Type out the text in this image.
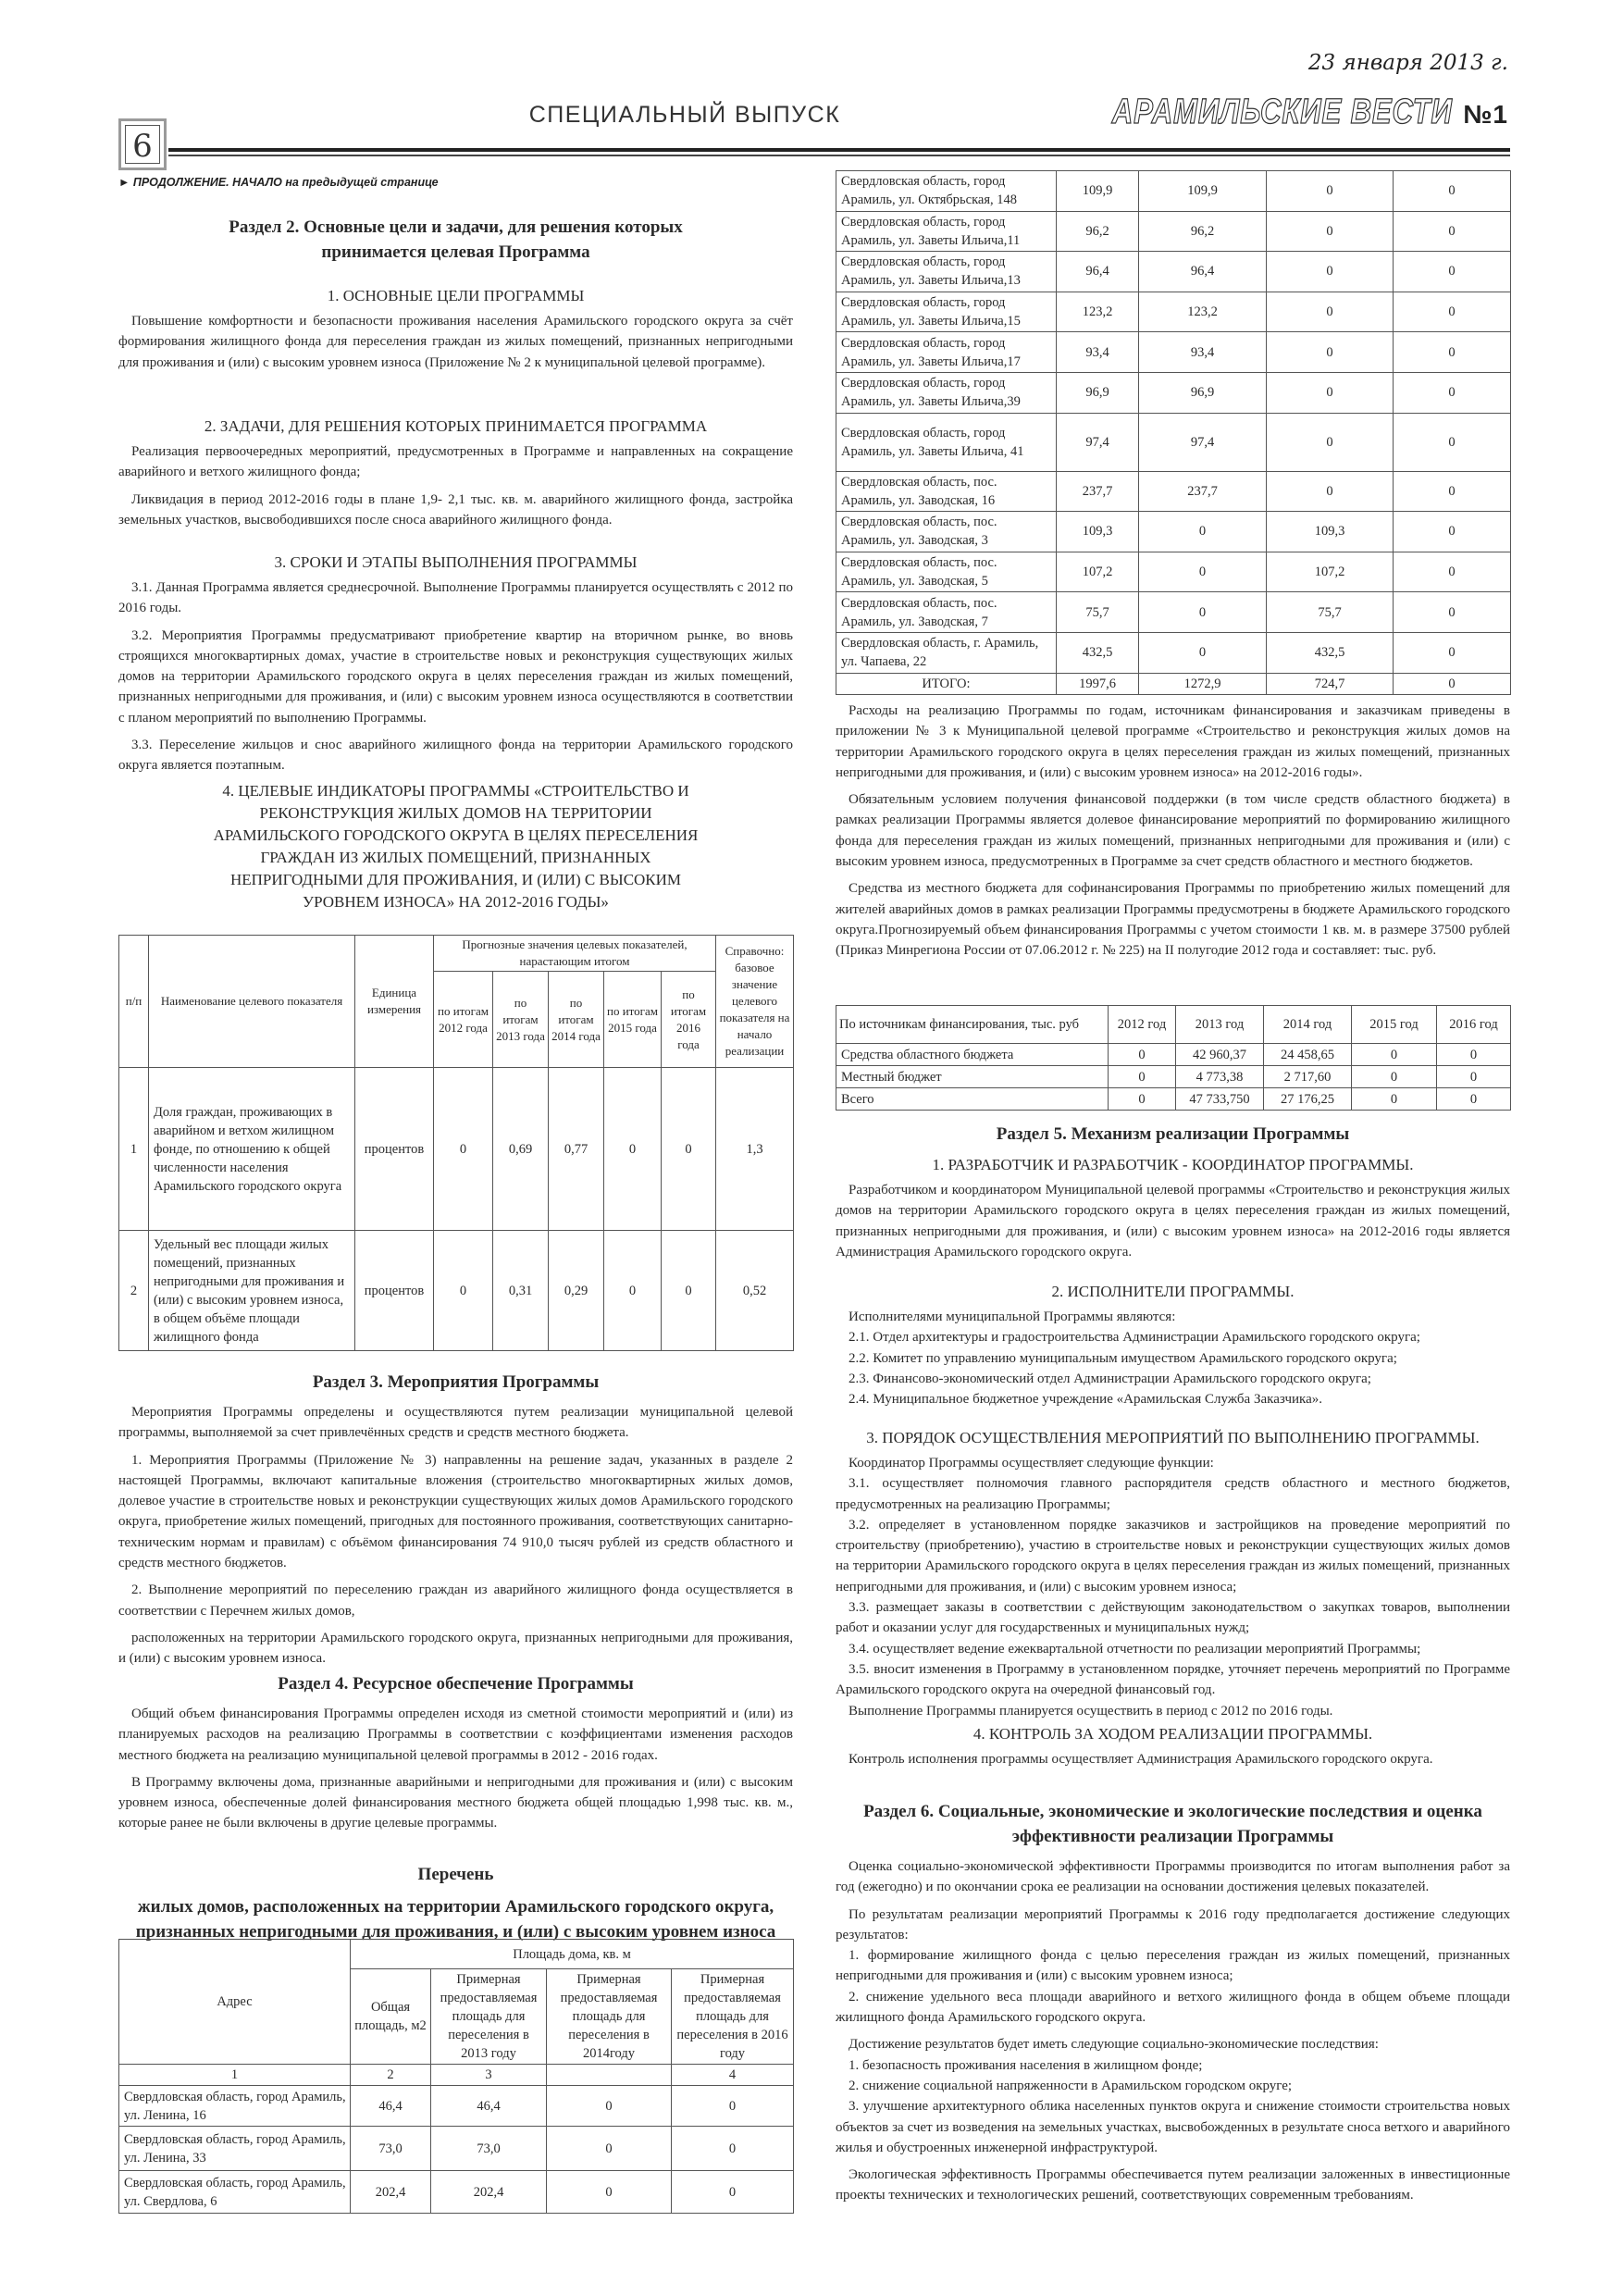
6
СПЕЦИАЛЬНЫЙ ВЫПУСК
23 января 2013 г.
АРАМИЛЬСКИЕ ВЕСТИ №1
► ПРОДОЛЖЕНИЕ. НАЧАЛО на предыдущей странице
Раздел 2. Основные цели и задачи, для решения которых принимается целевая Программа
1. ОСНОВНЫЕ ЦЕЛИ ПРОГРАММЫ
Повышение комфортности и безопасности проживания населения Арамильского городского округа за счёт формирования жилищного фонда для переселения граждан из жилых помещений, признанных непригодными для проживания и (или) с высоким уровнем износа (Приложение № 2 к муниципальной целевой программе).
2. ЗАДАЧИ, ДЛЯ РЕШЕНИЯ КОТОРЫХ ПРИНИМАЕТСЯ ПРОГРАММА
Реализация первоочередных мероприятий, предусмотренных в Программе и направленных на сокращение аварийного и ветхого жилищного фонда;
Ликвидация в период 2012-2016 годы в плане 1,9- 2,1 тыс. кв. м. аварийного жилищного фонда, застройка земельных участков, высвободившихся после сноса аварийного жилищного фонда.
3. СРОКИ И ЭТАПЫ ВЫПОЛНЕНИЯ ПРОГРАММЫ
3.1. Данная Программа является среднесрочной. Выполнение Программы планируется осуществлять с 2012 по 2016 годы.
3.2. Мероприятия Программы предусматривают приобретение квартир на вторичном рынке, во вновь строящихся многоквартирных домах, участие в строительстве новых и реконструкция существующих жилых домов на территории Арамильского городского округа в целях переселения граждан из жилых помещений, признанных непригодными для проживания, и (или) с высоким уровнем износа осуществляются в соответствии с планом мероприятий по выполнению Программы.
3.3. Переселение жильцов и снос аварийного жилищного фонда на территории Арамильского городского округа является поэтапным.
4. ЦЕЛЕВЫЕ ИНДИКАТОРЫ ПРОГРАММЫ «СТРОИТЕЛЬСТВО И РЕКОНСТРУКЦИЯ ЖИЛЫХ ДОМОВ НА ТЕРРИТОРИИ АРАМИЛЬСКОГО ГОРОДСКОГО ОКРУГА В ЦЕЛЯХ ПЕРЕСЕЛЕНИЯ ГРАЖДАН ИЗ ЖИЛЫХ ПОМЕЩЕНИЙ, ПРИЗНАННЫХ НЕПРИГОДНЫМИ ДЛЯ ПРОЖИВАНИЯ, И (ИЛИ) С ВЫСОКИМ УРОВНЕМ ИЗНОСА» НА 2012-2016 ГОДЫ»
п/п	Наименование целевого показателя	Единица измерения	Прогнозные значения целевых показателей, нарастающим итогом					Справочно: базовое значение целевого показателя на начало реализации
			по итогам 2012 года	по итогам 2013 года	по итогам 2014 года	по итогам 2015 года	по итогам 2016 года	
1	Доля граждан, проживающих в аварийном и ветхом жилищном фонде, по отношению к общей численности населения Арамильского городского округа	процентов	0	0,69	0,77	0	0	1,3
2	Удельный вес площади жилых помещений, признанных непригодными для проживания и (или) с высоким уровнем износа, в общем объёме площади жилищного фонда	процентов	0	0,31	0,29	0	0	0,52
Раздел 3. Мероприятия Программы
Мероприятия Программы определены и осуществляются путем реализации муниципальной целевой программы, выполняемой за счет привлечённых средств и средств местного бюджета.
1. Мероприятия Программы (Приложение № 3) направленны на решение задач, указанных в разделе 2 настоящей Программы, включают капитальные вложения (строительство многоквартирных жилых домов, долевое участие в строительстве новых и реконструкции существующих жилых домов Арамильского городского округа, приобретение жилых помещений, пригодных для постоянного проживания, соответствующих санитарно-техническим нормам и правилам) с объёмом финансирования 74 910,0 тысяч рублей из средств областного и средств местного бюджетов.
2. Выполнение мероприятий по переселению граждан из аварийного жилищного фонда осуществляется в соответствии с Перечнем жилых домов,
расположенных на территории Арамильского городского округа, признанных непригодными для проживания, и (или) с высоким уровнем износа.
Раздел 4. Ресурсное обеспечение Программы
Общий объем финансирования Программы определен исходя из сметной стоимости мероприятий и (или) из планируемых расходов на реализацию Программы в соответствии с коэффициентами изменения расходов местного бюджета на реализацию муниципальной целевой программы в 2012 - 2016 годах.
В Программу включены дома, признанные аварийными и непригодными для проживания и (или) с высоким уровнем износа, обеспеченные долей финансирования местного бюджета общей площадью 1,998 тыс. кв. м., которые ранее не были включены в другие целевые программы.
Перечень
жилых домов, расположенных на территории Арамильского городского округа, признанных непригодными для проживания, и (или) с высоким уровнем износа
Адрес	Площадь дома, кв. м			
	Общая площадь, м2	Примерная предоставляемая площадь для переселения в 2013 году	Примерная предоставляемая площадь для переселения в 2014году	Примерная предоставляемая площадь для переселения в 2016 году
1	2	3		4
Свердловская область, город Арамиль, ул. Ленина, 16	46,4	46,4	0	0
Свердловская область, город Арамиль, ул. Ленина, 33	73,0	73,0	0	0
Свердловская область, город Арамиль, ул. Свердлова, 6	202,4	202,4	0	0
Свердловская область, город Арамиль, ул. Октябрьская, 148	109,9	109,9	0	0
Свердловская область, город Арамиль, ул. Заветы Ильича,11	96,2	96,2	0	0
Свердловская область, город Арамиль, ул. Заветы Ильича,13	96,4	96,4	0	0
Свердловская область, город Арамиль, ул. Заветы Ильича,15	123,2	123,2	0	0
Свердловская область, город Арамиль, ул. Заветы Ильича,17	93,4	93,4	0	0
Свердловская область, город Арамиль, ул. Заветы Ильича,39	96,9	96,9	0	0
Свердловская область, город Арамиль, ул. Заветы Ильича, 41	97,4	97,4	0	0
Свердловская область, пос. Арамиль, ул. Заводская, 16	237,7	237,7	0	0
Свердловская область, пос. Арамиль, ул. Заводская, 3	109,3	0	109,3	0
Свердловская область, пос. Арамиль, ул. Заводская, 5	107,2	0	107,2	0
Свердловская область, пос. Арамиль, ул. Заводская, 7	75,7	0	75,7	0
Свердловская область, г. Арамиль, ул. Чапаева, 22	432,5	0	432,5	0
ИТОГО:	1997,6	1272,9	724,7	0
Расходы на реализацию Программы по годам, источникам финансирования и заказчикам приведены в приложении № 3 к Муниципальной целевой программе «Строительство и реконструкция жилых домов на территории Арамильского городского округа в целях переселения граждан из жилых помещений, признанных непригодными для проживания, и (или) с высоким уровнем износа» на 2012-2016 годы».
Обязательным условием получения финансовой поддержки (в том числе средств областного бюджета) в рамках реализации Программы является долевое финансирование мероприятий по формированию жилищного фонда для переселения граждан из жилых помещений, признанных непригодными для проживания и (или) с высоким уровнем износа, предусмотренных в Программе за счет средств областного и местного бюджетов.
Средства из местного бюджета для софинансирования Программы по приобретению жилых помещений для жителей аварийных домов в рамках реализации Программы предусмотрены в бюджете Арамильского городского округа.Прогнозируемый объем финансирования Программы с учетом стоимости 1 кв. м. в размере 37500 рублей (Приказ Минрегиона России от 07.06.2012 г. № 225) на II полугодие 2012 года и составляет: тыс. руб.
По источникам финансирования, тыс. руб	2012 год	2013 год	2014 год	2015 год	2016 год
Средства областного бюджета	0	42 960,37	24 458,65	0	0
Местный бюджет	0	4 773,38	2 717,60	0	0
Всего	0	47 733,750	27 176,25	0	0
Раздел 5. Механизм реализации Программы
1. РАЗРАБОТЧИК И РАЗРАБОТЧИК - КООРДИНАТОР ПРОГРАММЫ.
Разработчиком и координатором Муниципальной целевой программы «Строительство и реконструкция жилых домов на территории Арамильского городского округа в целях переселения граждан из жилых помещений, признанных непригодными для проживания, и (или) с высоким уровнем износа» на 2012-2016 годы является Администрация Арамильского городского округа.
2. ИСПОЛНИТЕЛИ ПРОГРАММЫ.
Исполнителями муниципальной Программы являются:
2.1. Отдел архитектуры и градостроительства Администрации Арамильского городского округа;
2.2. Комитет по управлению муниципальным имуществом Арамильского городского округа;
2.3. Финансово-экономический отдел Администрации Арамильского городского округа;
2.4. Муниципальное бюджетное учреждение «Арамильская Служба Заказчика».
3. ПОРЯДОК ОСУЩЕСТВЛЕНИЯ МЕРОПРИЯТИЙ ПО ВЫПОЛНЕНИЮ ПРОГРАММЫ.
Координатор Программы осуществляет следующие функции:
3.1. осуществляет полномочия главного распорядителя средств областного и местного бюджетов, предусмотренных на реализацию Программы;
3.2. определяет в установленном порядке заказчиков и застройщиков на проведение мероприятий по строительству (приобретению), участию в строительстве новых и реконструкции существующих жилых домов на территории Арамильского городского округа в целях переселения граждан из жилых помещений, признанных непригодными для проживания, и (или) с высоким уровнем износа;
3.3. размещает заказы в соответствии с действующим законодательством о закупках товаров, выполнении работ и оказании услуг для государственных и муниципальных нужд;
3.4. осуществляет ведение ежеквартальной отчетности по реализации мероприятий Программы;
3.5. вносит изменения в Программу в установленном порядке, уточняет перечень мероприятий по Программе Арамильского городского округа на очередной финансовый год.
Выполнение Программы планируется осуществить в период с 2012 по 2016 годы.
4. КОНТРОЛЬ ЗА ХОДОМ РЕАЛИЗАЦИИ ПРОГРАММЫ.
Контроль исполнения программы осуществляет Администрация Арамильского городского округа.
Раздел 6. Социальные, экономические и экологические последствия и оценка эффективности реализации Программы
Оценка социально-экономической эффективности Программы производится по итогам выполнения работ за год (ежегодно) и по окончании срока ее реализации на основании достижения целевых показателей.
По результатам реализации мероприятий Программы к 2016 году предполагается достижение следующих результатов:
1. формирование жилищного фонда с целью переселения граждан из жилых помещений, признанных непригодными для проживания и (или) с высоким уровнем износа;
2. снижение удельного веса площади аварийного и ветхого жилищного фонда в общем объеме площади жилищного фонда Арамильского городского округа.
Достижение результатов будет иметь следующие социально-экономические последствия:
1. безопасность проживания населения в жилищном фонде;
2. снижение социальной напряженности в Арамильском городском округе;
3. улучшение архитектурного облика населенных пунктов округа и снижение стоимости строительства новых объектов за счет из возведения на земельных участках, высвобожденных в результате сноса ветхого и аварийного жилья и обустроенных инженерной инфраструктурой.
Экологическая эффективность Программы обеспечивается путем реализации заложенных в инвестиционные проекты технических и технологических решений, соответствующих современным требованиям.
